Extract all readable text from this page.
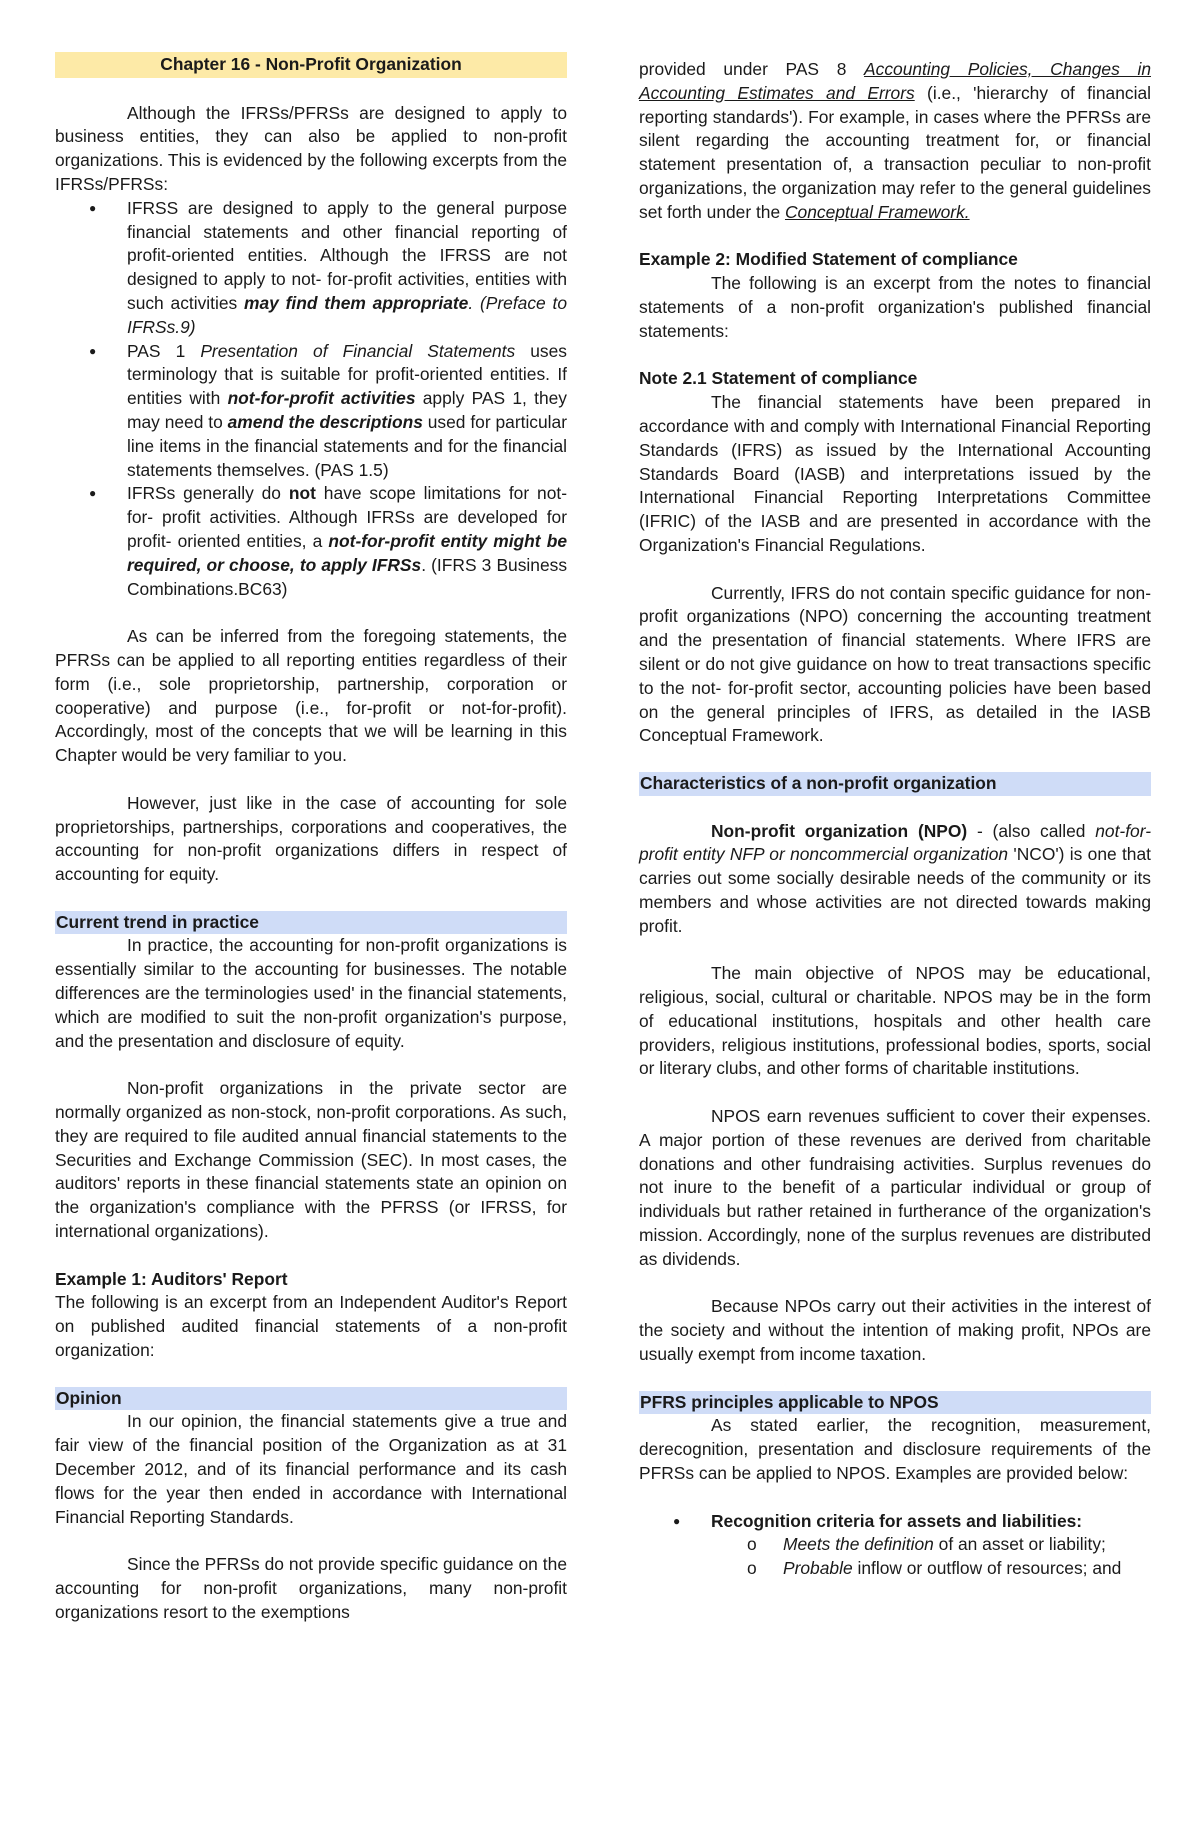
Chapter 16 - Non-Profit Organization

Although the IFRSs/PFRSs are designed to apply to business entities, they can also be applied to non-profit organizations. This is evidenced by the following excerpts from the IFRSs/PFRSs:

● IFRSS are designed to apply to the general purpose financial statements and other financial reporting of profit-oriented entities. Although the IFRSS are not designed to apply to not- for-profit activities, entities with such activities may find them appropriate. (Preface to IFRSs.9)
● PAS 1 Presentation of Financial Statements uses terminology that is suitable for profit-oriented entities. If entities with not-for-profit activities apply PAS 1, they may need to amend the descriptions used for particular line items in the financial statements and for the financial statements themselves. (PAS 1.5)
● IFRSs generally do not have scope limitations for not-for- profit activities. Although IFRSs are developed for profit- oriented entities, a not-for-profit entity might be required, or choose, to apply IFRSs. (IFRS 3 Business Combinations.BC63)

As can be inferred from the foregoing statements, the PFRSs can be applied to all reporting entities regardless of their form (i.e., sole proprietorship, partnership, corporation or cooperative) and purpose (i.e., for-profit or not-for-profit). Accordingly, most of the concepts that we will be learning in this Chapter would be very familiar to you.

However, just like in the case of accounting for sole proprietorships, partnerships, corporations and cooperatives, the accounting for non-profit organizations differs in respect of accounting for equity.

Current trend in practice

In practice, the accounting for non-profit organizations is essentially similar to the accounting for businesses. The notable differences are the terminologies used' in the financial statements, which are modified to suit the non-profit organization's purpose, and the presentation and disclosure of equity.

Non-profit organizations in the private sector are normally organized as non-stock, non-profit corporations. As such, they are required to file audited annual financial statements to the Securities and Exchange Commission (SEC). In most cases, the auditors' reports in these financial statements state an opinion on the organization's compliance with the PFRSS (or IFRSS, for international organizations).

Example 1: Auditors' Report

The following is an excerpt from an Independent Auditor's Report on published audited financial statements of a non-profit organization:

Opinion

In our opinion, the financial statements give a true and fair view of the financial position of the Organization as at 31 December 2012, and of its financial performance and its cash flows for the year then ended in accordance with International Financial Reporting Standards.

Since the PFRSs do not provide specific guidance on the accounting for non-profit organizations, many non-profit organizations resort to the exemptions

provided under PAS 8 Accounting Policies, Changes in Accounting Estimates and Errors (i.e., 'hierarchy of financial reporting standards'). For example, in cases where the PFRSs are silent regarding the accounting treatment for, or financial statement presentation of, a transaction peculiar to non-profit organizations, the organization may refer to the general guidelines set forth under the Conceptual Framework.

Example 2: Modified Statement of compliance

The following is an excerpt from the notes to financial statements of a non-profit organization's published financial statements:

Note 2.1 Statement of compliance

The financial statements have been prepared in accordance with and comply with International Financial Reporting Standards (IFRS) as issued by the International Accounting Standards Board (IASB) and interpretations issued by the International Financial Reporting Interpretations Committee (IFRIC) of the IASB and are presented in accordance with the Organization's Financial Regulations.

Currently, IFRS do not contain specific guidance for non-profit organizations (NPO) concerning the accounting treatment and the presentation of financial statements. Where IFRS are silent or do not give guidance on how to treat transactions specific to the not- for-profit sector, accounting policies have been based on the general principles of IFRS, as detailed in the IASB Conceptual Framework.

Characteristics of a non-profit organization

Non-profit organization (NPO) - (also called not-for-profit entity NFP or noncommercial organization 'NCO') is one that carries out some socially desirable needs of the community or its members and whose activities are not directed towards making profit.

The main objective of NPOS may be educational, religious, social, cultural or charitable. NPOS may be in the form of educational institutions, hospitals and other health care providers, religious institutions, professional bodies, sports, social or literary clubs, and other forms of charitable institutions.

NPOS earn revenues sufficient to cover their expenses. A major portion of these revenues are derived from charitable donations and other fundraising activities. Surplus revenues do not inure to the benefit of a particular individual or group of individuals but rather retained in furtherance of the organization's mission. Accordingly, none of the surplus revenues are distributed as dividends.

Because NPOs carry out their activities in the interest of the society and without the intention of making profit, NPOs are usually exempt from income taxation.

PFRS principles applicable to NPOS

As stated earlier, the recognition, measurement, derecognition, presentation and disclosure requirements of the PFRSs can be applied to NPOS. Examples are provided below:

● Recognition criteria for assets and liabilities:
o Meets the definition of an asset or liability;
o Probable inflow or outflow of resources; and
